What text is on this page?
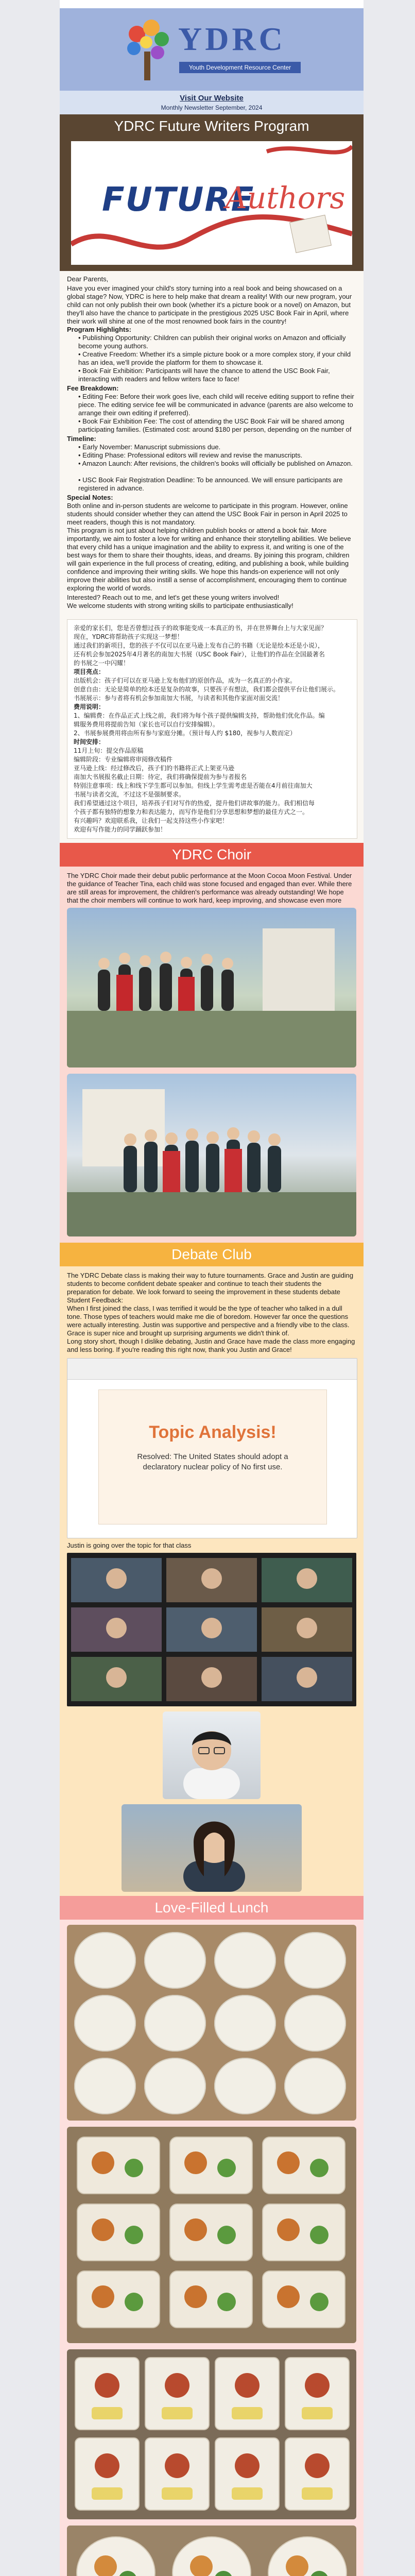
YDRC
Youth Development Resource Center
Visit Our Website
Monthly Newsletter September, 2024
YDRC Future Writers Program
FUTURE
Authors
Dear Parents,
Have you ever imagined your child's story turning into a real book and being showcased on a global stage? Now, YDRC is here to help make that dream a reality! With our new program, your child can not only publish their own book (whether it's a picture book or a novel) on Amazon, but they'll also have the chance to participate in the prestigious 2025 USC Book Fair in April, where their work will shine at one of the most renowned book fairs in the country!
Program Highlights:
• Publishing Opportunity: Children can publish their original works on Amazon and officially become young authors.
• Creative Freedom: Whether it's a simple picture book or a more complex story, if your child has an idea, we'll provide the platform for them to showcase it.
• Book Fair Exhibition: Participants will have the chance to attend the USC Book Fair, interacting with readers and fellow writers face to face!
Fee Breakdown:
• Editing Fee: Before their work goes live, each child will receive editing support to refine their piece. The editing service fee will be communicated in advance (parents are also welcome to arrange their own editing if preferred).
• Book Fair Exhibition Fee: The cost of attending the USC Book Fair will be shared among participating families. (Estimated cost: around $180 per person, depending on the number of
Timeline:
• Early November: Manuscript submissions due.
• Editing Phase: Professional editors will review and revise the manuscripts.
• Amazon Launch: After revisions, the children's books will officially be published on Amazon.
• USC Book Fair Registration Deadline: To be announced. We will ensure participants are registered in advance.
Special Notes:
Both online and in-person students are welcome to participate in this program. However, online students should consider whether they can attend the USC Book Fair in person in April 2025 to meet readers, though this is not mandatory.
This program is not just about helping children publish books or attend a book fair. More importantly, we aim to foster a love for writing and enhance their storytelling abilities. We believe that every child has a unique imagination and the ability to express it, and writing is one of the best ways for them to share their thoughts, ideas, and dreams. By joining this program, children will gain experience in the full process of creating, editing, and publishing a book, while building confidence and improving their writing skills. We hope this hands-on experience will not only improve their abilities but also instill a sense of accomplishment, encouraging them to continue exploring the world of words.
Interested? Reach out to me, and let's get these young writers involved!
We welcome students with strong writing skills to participate enthusiastically!
亲爱的家长们，您是否曾想过孩子的故事能变成一本真正的书，并在世界舞台上与大家见面？
现在，YDRC将帮助孩子实现这一梦想！
通过我们的新项目，您的孩子不仅可以在亚马逊上发布自己的书籍（无论是绘本还是小说），
还有机会参加2025年4月著名的南加大书展（USC Book Fair），让他们的作品在全国最著名
的书展之一中闪耀！
项目亮点：
出版机会：孩子们可以在亚马逊上发布他们的原创作品，成为一名真正的小作家。
创意自由：无论是简单的绘本还是复杂的故事，只要孩子有想法，我们都会提供平台让他们展示。
书展展示：参与者将有机会参加南加大书展，与读者和其他作家面对面交流！
费用说明：
1、编辑费：在作品正式上线之前，我们将为每个孩子提供编辑支持，帮助他们优化作品。编
辑服务费用将提前告知（家长也可以自行安排编辑）。
2、书展参展费用将由所有参与家庭分摊。（预计每人约 $180，视参与人数而定）
时间安排：
11月上旬：提交作品原稿
编辑阶段：专业编辑将审阅修改稿件
亚马逊上线：经过修改后，孩子们的书籍将正式上架亚马逊
南加大书展报名截止日期：待定，我们将确保提前为参与者报名
特别注意事项：线上和线下学生都可以参加。但线上学生需考虑是否能在4月前往南加大
书展与读者交流，不过这不是强制要求。
我们希望通过这个项目，培养孩子们对写作的热爱，提升他们讲故事的能力。我们相信每
个孩子都有独特的想象力和表达能力，而写作是他们分享思想和梦想的最佳方式之一。
有兴趣吗？欢迎联系我，让我们一起支持这些小作家吧！
欢迎有写作能力的同学踊跃参加！
YDRC Choir
The YDRC Choir made their debut public performance at the Moon Cocoa Moon Festival. Under the guidance of Teacher Tina, each child was stone focused and engaged than ever. While there are still areas for improvement, the children's performance was already outstanding! We hope that the choir members will continue to work hard, keep improving, and showcase even more
Debate Club
The YDRC Debate class is making their way to future tournaments. Grace and Justin are guiding students to become confident debate speaker and continue to teach their students the preparation for debate. We look forward to seeing the improvement in these students debate
Student Feedback:
When I first joined the class, I was terrified it would be the type of teacher who talked in a dull tone. Those types of teachers would make me die of boredom. However far once the questions were actually interesting. Justin was supportive and perspective and a friendly vibe to the class. Grace is super nice and brought up surprising arguments we didn't think of.
Long story short, though I dislike debating, Justin and Grace have made the class more engaging and less boring. If you're reading this right now, thank you Justin and Grace!
Topic Analysis!
Resolved: The United States should adopt a declaratory nuclear policy of No first use.
Justin is going over the topic for that class
Love-Filled Lunch
